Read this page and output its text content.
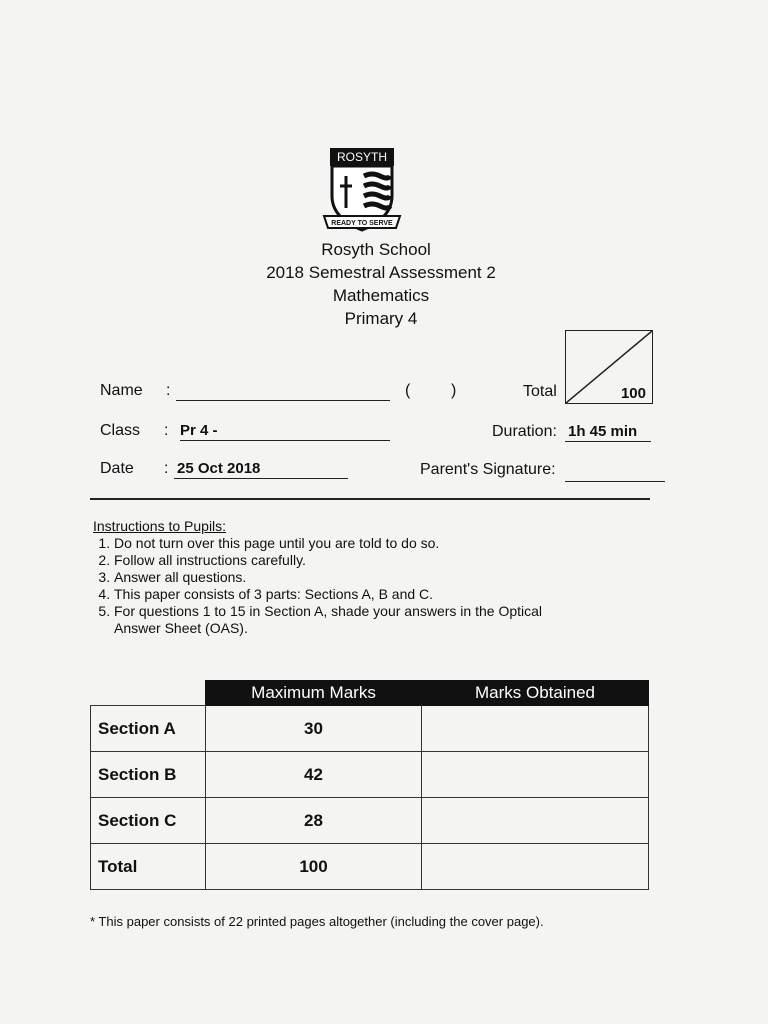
ROSYTH
READY TO SERVE
Rosyth School
2018 Semestral Assessment 2
Mathematics
Primary 4
100
Total
Name :	(	)
Class : Pr 4 -	Duration: 1h 45 min
Date : 25 Oct 2018	Parent's Signature:
Instructions to Pupils:
1. Do not turn over this page until you are told to do so.
2. Follow all instructions carefully.
3. Answer all questions.
4. This paper consists of 3 parts: Sections A, B and C.
5. For questions 1 to 15 in Section A, shade your answers in the Optical Answer Sheet (OAS).
	Maximum Marks	Marks Obtained
Section A	30	
Section B	42	
Section C	28	
Total	100	
* This paper consists of 22 printed pages altogether (including the cover page).
